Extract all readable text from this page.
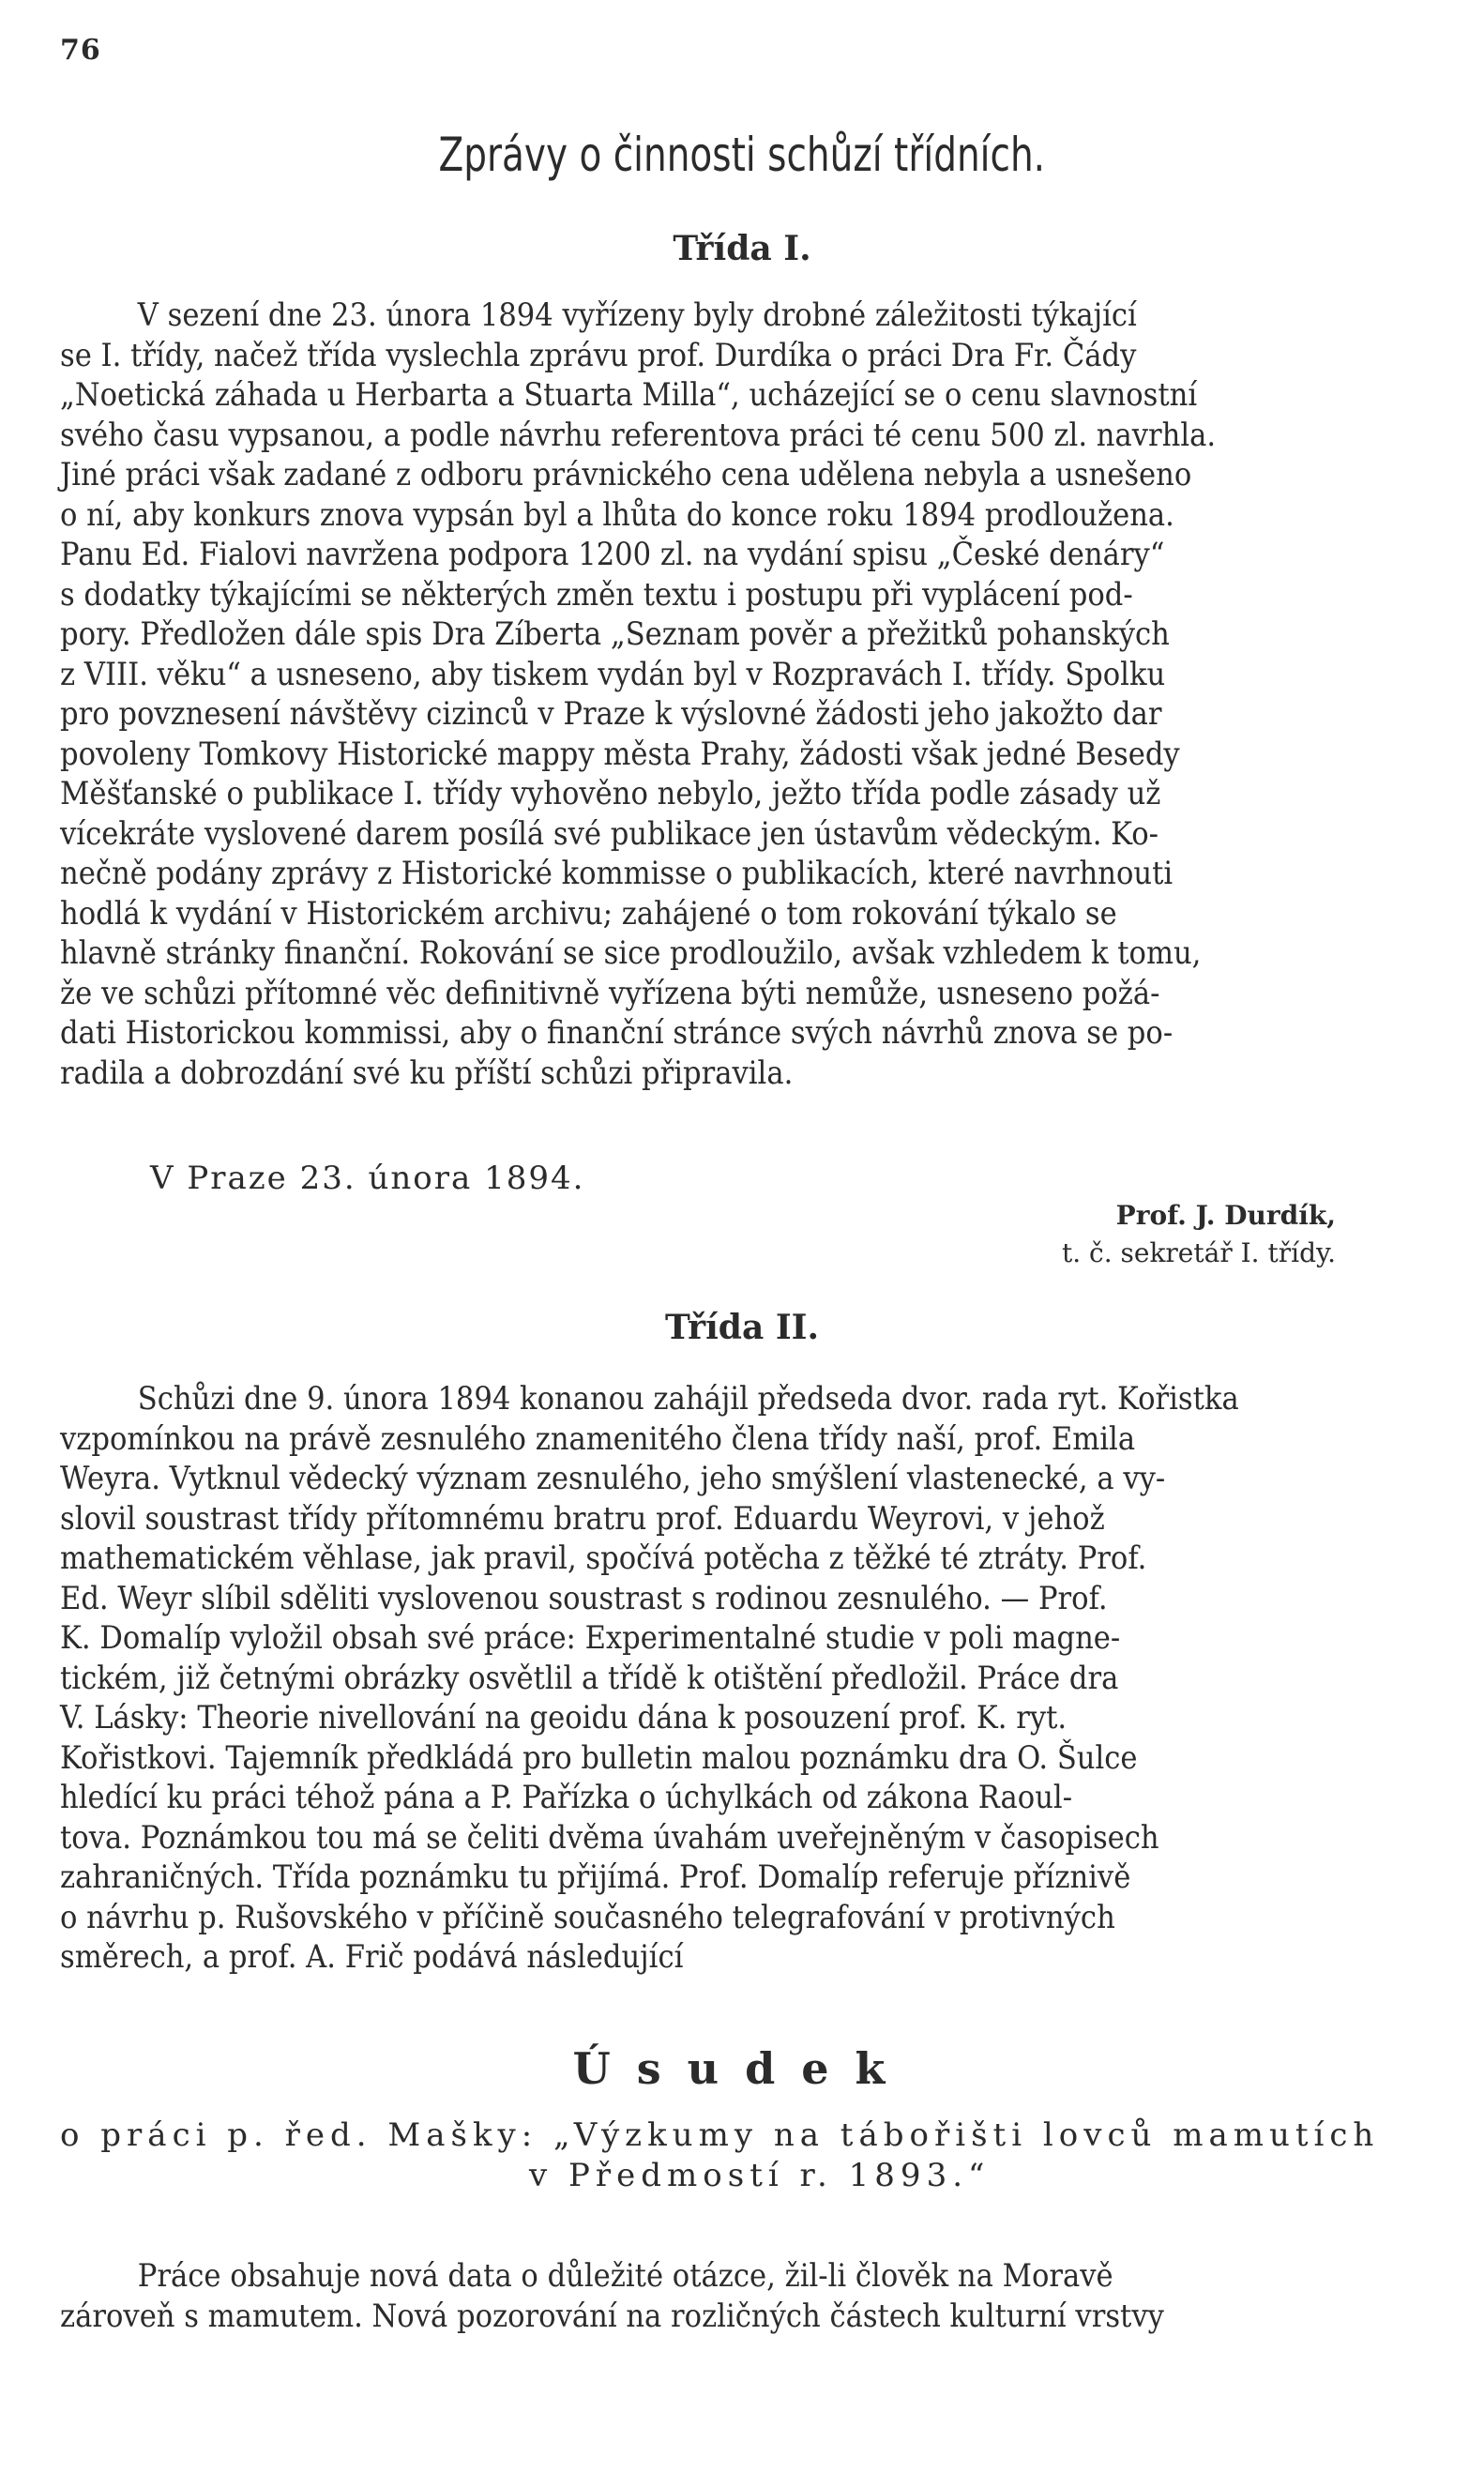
76
Zprávy o činnosti schůzí třídních.
Třída I.
V sezení dne 23. února 1894 vyřízeny byly drobné záležitosti týkající
se I. třídy, načež třída vyslechla zprávu prof. Durdíka o práci Dra Fr. Čády
„Noetická záhada u Herbarta a Stuarta Milla“, ucházející se o cenu slavnostní
svého času vypsanou, a podle návrhu referentova práci té cenu 500 zl. navrhla.
Jiné práci však zadané z odboru právnického cena udělena nebyla a usnešeno
o ní, aby konkurs znova vypsán byl a lhůta do konce roku 1894 prodloužena.
Panu Ed. Fialovi navržena podpora 1200 zl. na vydání spisu „České denáry“
s dodatky týkajícími se některých změn textu i postupu při vyplácení pod-
pory. Předložen dále spis Dra Zíberta „Seznam pověr a přežitků pohanských
z VIII. věku“ a usneseno, aby tiskem vydán byl v Rozpravách I. třídy. Spolku
pro povznesení návštěvy cizinců v Praze k výslovné žádosti jeho jakožto dar
povoleny Tomkovy Historické mappy města Prahy, žádosti však jedné Besedy
Měšťanské o publikace I. třídy vyhověno nebylo, ježto třída podle zásady už
vícekráte vyslovené darem posílá své publikace jen ústavům vědeckým. Ko-
nečně podány zprávy z Historické kommisse o publikacích, které navrhnouti
hodlá k vydání v Historickém archivu; zahájené o tom rokování týkalo se
hlavně stránky finanční. Rokování se sice prodloužilo, avšak vzhledem k tomu,
že ve schůzi přítomné věc definitivně vyřízena býti nemůže, usneseno požá-
dati Historickou kommissi, aby o finanční stránce svých návrhů znova se po-
radila a dobrozdání své ku příští schůzi připravila.
V Praze 23. února 1894.
Prof. J. Durdík,
t. č. sekretář I. třídy.
Třída II.
Schůzi dne 9. února 1894 konanou zahájil předseda dvor. rada ryt. Kořistka
vzpomínkou na právě zesnulého znamenitého člena třídy naší, prof. Emila
Weyra. Vytknul vědecký význam zesnulého, jeho smýšlení vlastenecké, a vy-
slovil soustrast třídy přítomnému bratru prof. Eduardu Weyrovi, v jehož
mathematickém věhlase, jak pravil, spočívá potěcha z těžké té ztráty. Prof.
Ed. Weyr slíbil sděliti vyslovenou soustrast s rodinou zesnulého. — Prof.
K. Domalíp vyložil obsah své práce: Experimentalné studie v poli magne-
tickém, již četnými obrázky osvětlil a třídě k otištění předložil. Práce dra
V. Lásky: Theorie nivellování na geoidu dána k posouzení prof. K. ryt.
Kořistkovi. Tajemník předkládá pro bulletin malou poznámku dra O. Šulce
hledící ku práci téhož pána a P. Pařízka o úchylkách od zákona Raoul-
tova. Poznámkou tou má se čeliti dvěma úvahám uveřejněným v časopisech
zahraničných. Třída poznámku tu přijímá. Prof. Domalíp referuje příznivě
o návrhu p. Rušovského v příčině současného telegrafování v protivných
směrech, a prof. A. Frič podává následující
Úsudek
o práci p. řed. Mašky: „Výzkumy na tábořišti lovců mamutích
v Předmostí r. 1893.“
Práce obsahuje nová data o důležité otázce, žil-li člověk na Moravě
zároveň s mamutem. Nová pozorování na rozličných částech kulturní vrstvy
